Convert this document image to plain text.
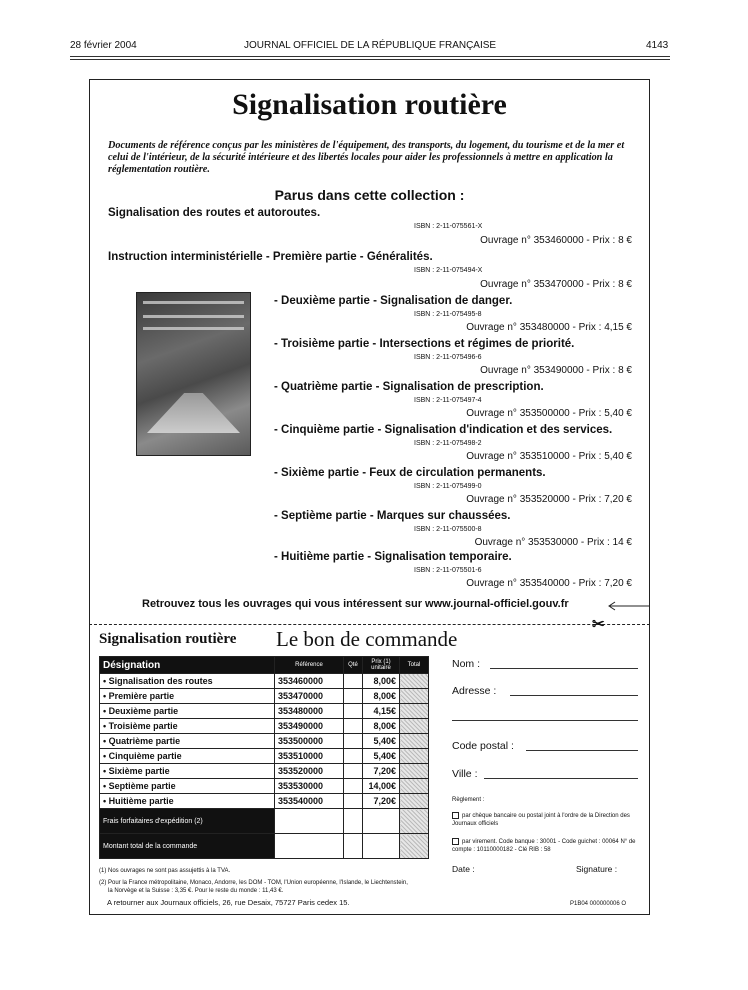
28 février 2004	JOURNAL OFFICIEL DE LA RÉPUBLIQUE FRANÇAISE	4143
Signalisation routière
Documents de référence conçus par les ministères de l'équipement, des transports, du logement, du tourisme et de la mer et celui de l'intérieur, de la sécurité intérieure et des libertés locales pour aider les professionnels à mettre en application la réglementation routière.
Parus dans cette collection :
Signalisation des routes et autoroutes.
ISBN : 2-11-075561-X
Ouvrage n° 353460000 - Prix : 8 €
Instruction interministérielle - Première partie - Généralités.
ISBN : 2-11-075494-X
Ouvrage n° 353470000 - Prix : 8 €
- Deuxième partie - Signalisation de danger.
ISBN : 2-11-075495-8
Ouvrage n° 353480000 - Prix : 4,15 €
- Troisième partie - Intersections et régimes de priorité.
ISBN : 2-11-075496-6
Ouvrage n° 353490000 - Prix : 8 €
- Quatrième partie - Signalisation de prescription.
ISBN : 2-11-075497-4
Ouvrage n° 353500000 - Prix : 5,40 €
- Cinquième partie - Signalisation d'indication et des services.
ISBN : 2-11-075498-2
Ouvrage n° 353510000 - Prix : 5,40 €
- Sixième partie - Feux de circulation permanents.
ISBN : 2-11-075499-0
Ouvrage n° 353520000 - Prix : 7,20 €
- Septième partie - Marques sur chaussées.
ISBN : 2-11-075500-8
Ouvrage n° 353530000 - Prix : 14 €
- Huitième partie - Signalisation temporaire.
ISBN : 2-11-075501-6
Ouvrage n° 353540000 - Prix : 7,20 €
Retrouvez tous les ouvrages qui vous intéressent sur www.journal-officiel.gouv.fr
✂
Signalisation routière Le bon de commande
Désignation	Référence	Qté	Prix (1) unitaire	Total
• Signalisation des routes	353460000		8,00€	
• Première partie	353470000		8,00€	
• Deuxième partie	353480000		4,15€	
• Troisième partie	353490000		8,00€	
• Quatrième partie	353500000		5,40€	
• Cinquième partie	353510000		5,40€	
• Sixième partie	353520000		7,20€	
• Septième partie	353530000		14,00€	
• Huitième partie	353540000		7,20€	
Frais forfaitaires d'expédition (2)				
Montant total de la commande				
(1) Nos ouvrages ne sont pas assujettis à la TVA.
(2) Pour la France métropolitaine, Monaco, Andorre, les DOM - TOM, l'Union européenne, l'Islande, le Liechtenstein,
la Norvège et la Suisse : 3,35 €. Pour le reste du monde : 11,43 €.
A retourner aux Journaux officiels, 26, rue Desaix, 75727 Paris cedex 15.
Nom :
Adresse :
Code postal :
Ville :
Règlement :
par chèque bancaire ou postal joint à l'ordre de la Direction des Journaux officiels
par virement. Code banque : 30001 - Code guichet : 00064 N° de compte : 10110000182 - Clé RIB : 58
Date :	Signature :
P1B04 000000006 O
